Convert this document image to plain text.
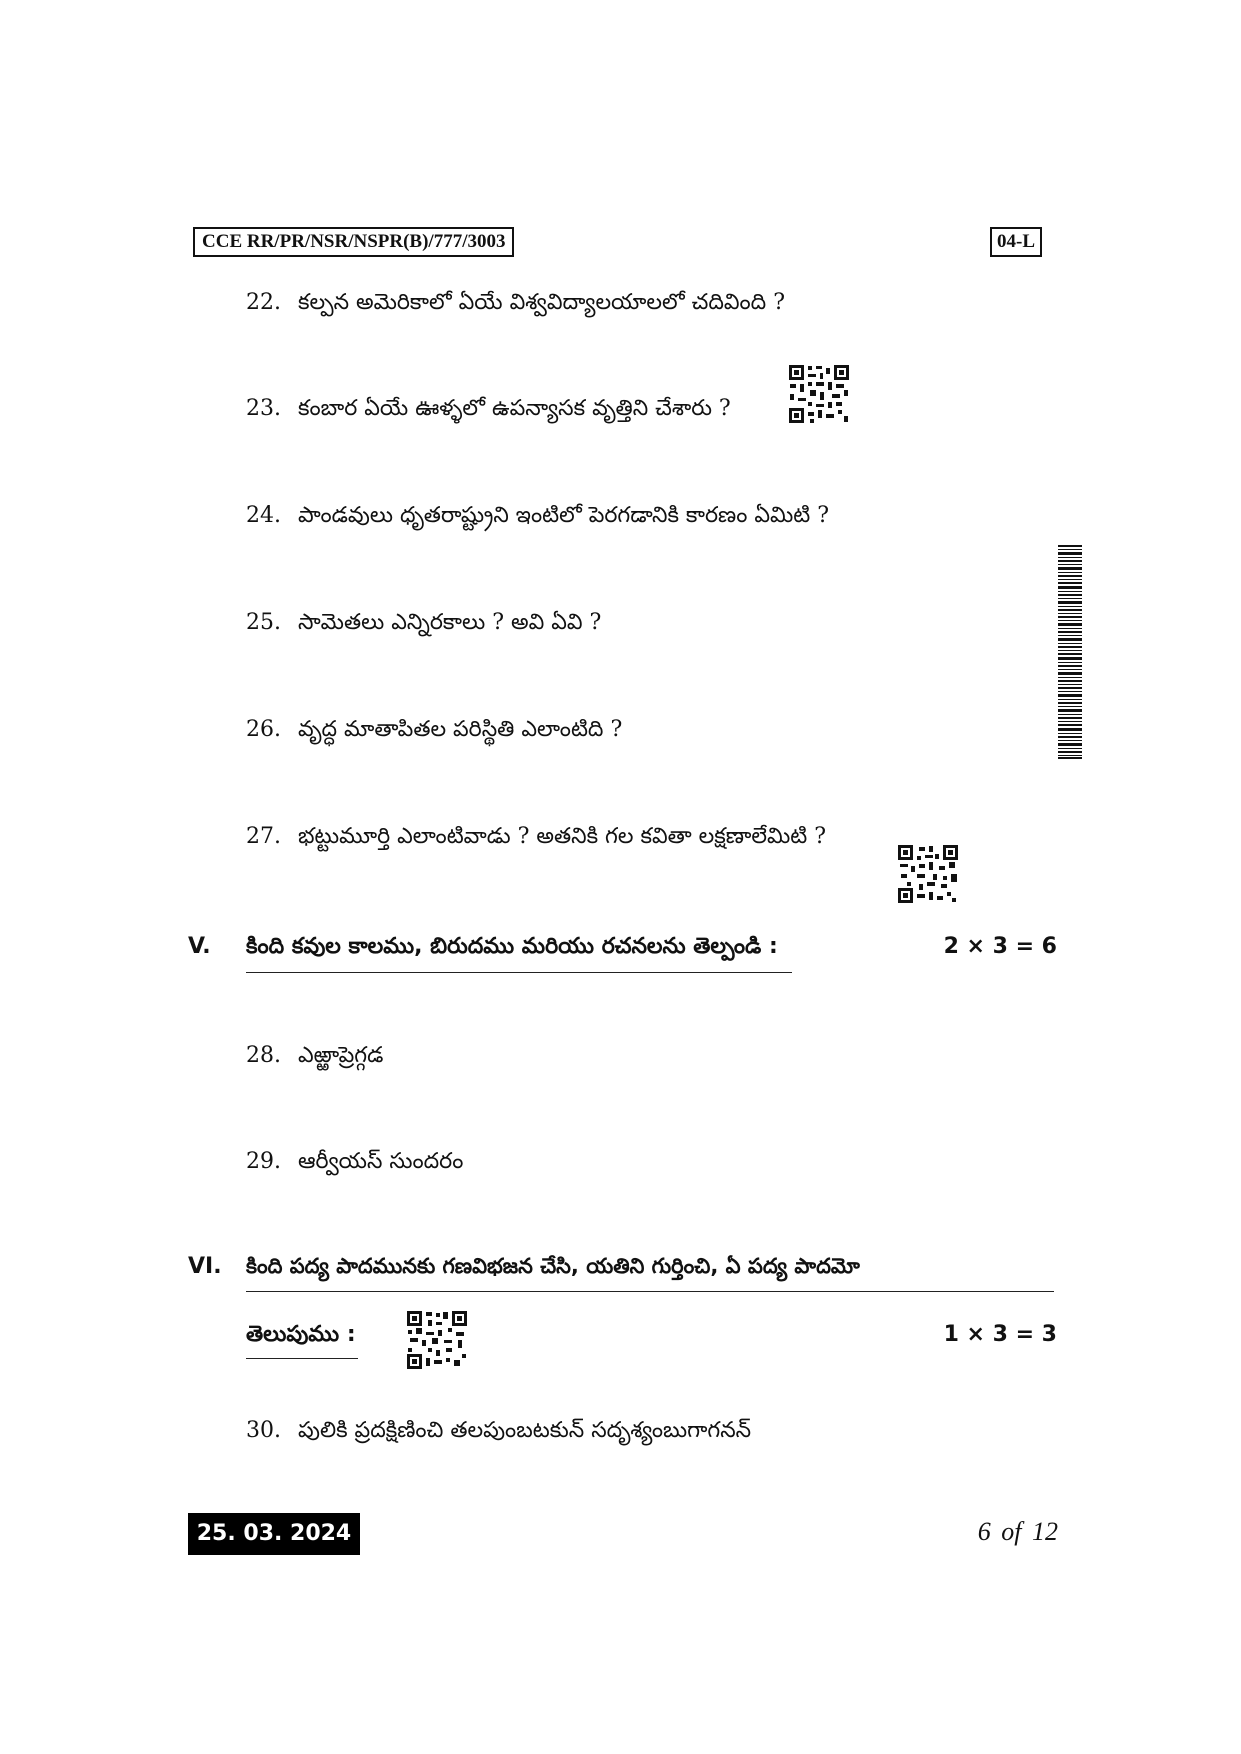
CCE RR/PR/NSR/NSPR(B)/777/3003	04-L
22. కల్పన అమెరికాలో ఏయే విశ్వవిద్యాలయాలలో చదివింది ?
23. కంబార ఏయే ఊళ్ళలో ఉపన్యాసక వృత్తిని చేశారు ?
24. పాండవులు ధృతరాష్ట్రుని ఇంటిలో పెరగడానికి కారణం ఏమిటి ?
25. సామెతలు ఎన్నిరకాలు ? అవి ఏవి ?
26. వృద్ధ మాతాపితల పరిస్థితి ఎలాంటిది ?
27. భట్టుమూర్తి ఎలాంటివాడు ? అతనికి గల కవితా లక్షణాలేమిటి ?
V. కింది కవుల కాలము, బిరుదము మరియు రచనలను తెల్పండి :	2 × 3 = 6
28. ఎఱ్ఱాప్రెగ్గడ
29. ఆర్వీయస్ సుందరం
VI. కింది పద్య పాదమునకు గణవిభజన చేసి, యతిని గుర్తించి, ఏ పద్య పాదమో
తెలుపుము :	1 × 3 = 3
30. పులికి ప్రదక్షిణించి తలపుంబటకున్ సదృశ్యంబుగాగనన్
25. 03. 2024	6 of 12
